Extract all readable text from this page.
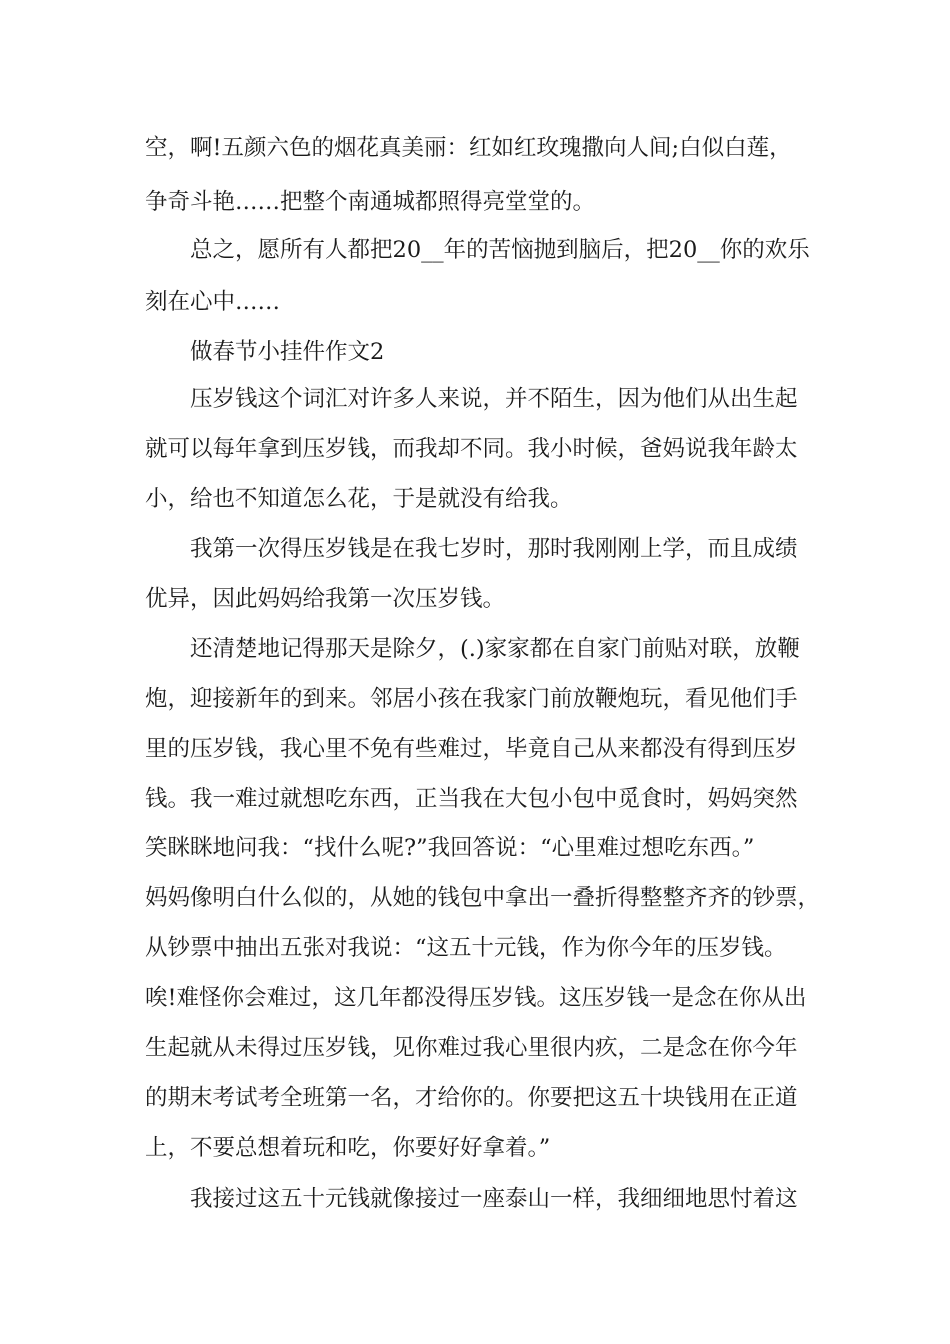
空，啊!五颜六色的烟花真美丽：红如红玫瑰撒向人间;白似白莲，

争奇斗艳……把整个南通城都照得亮堂堂的。

总之，愿所有人都把20__年的苦恼抛到脑后，把20__你的欢乐

刻在心中……

做春节小挂件作文2

压岁钱这个词汇对许多人来说，并不陌生，因为他们从出生起

就可以每年拿到压岁钱，而我却不同。我小时候，爸妈说我年龄太

小，给也不知道怎么花，于是就没有给我。

我第一次得压岁钱是在我七岁时，那时我刚刚上学，而且成绩

优异，因此妈妈给我第一次压岁钱。

还清楚地记得那天是除夕，(.)家家都在自家门前贴对联，放鞭

炮，迎接新年的到来。邻居小孩在我家门前放鞭炮玩，看见他们手

里的压岁钱，我心里不免有些难过，毕竟自己从来都没有得到压岁

钱。我一难过就想吃东西，正当我在大包小包中觅食时，妈妈突然

笑眯眯地问我：“找什么呢?”我回答说：“心里难过想吃东西。”

妈妈像明白什么似的，从她的钱包中拿出一叠折得整整齐齐的钞票，

从钞票中抽出五张对我说：“这五十元钱，作为你今年的压岁钱。

唉!难怪你会难过，这几年都没得压岁钱。这压岁钱一是念在你从出

生起就从未得过压岁钱，见你难过我心里很内疚，二是念在你今年

的期末考试考全班第一名，才给你的。你要把这五十块钱用在正道

上，不要总想着玩和吃，你要好好拿着。”

我接过这五十元钱就像接过一座泰山一样，我细细地思忖着这
